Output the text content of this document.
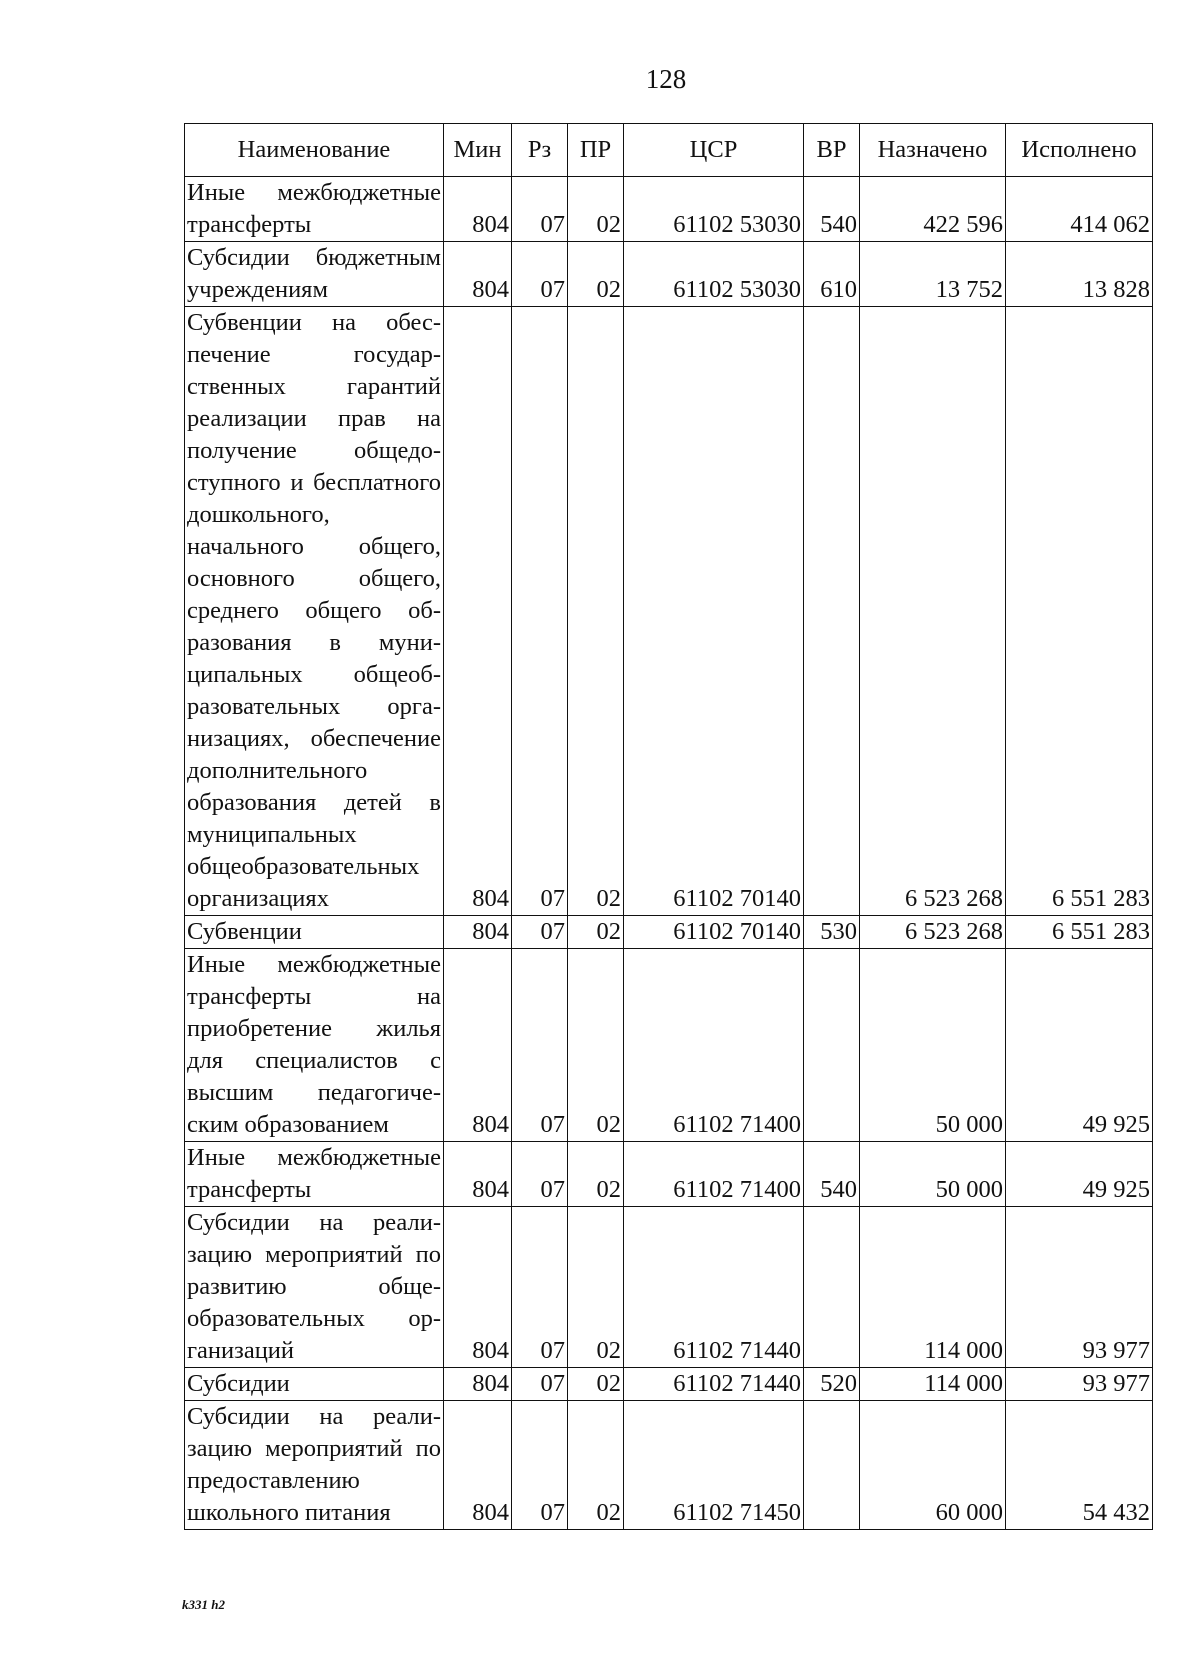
128
Наименование	Мин	Рз	ПР	ЦСР	ВР	Назначено	Исполнено
Иные межбюджетные трансферты	804	07	02	61102 53030	540	422 596	414 062
Субсидии бюджетным учреждениям	804	07	02	61102 53030	610	13 752	13 828
Субвенции на обеспечение государственных гарантий реализации прав на получение общедоступного и бесплатного дошкольного, начального общего, основного общего, среднего общего образования в муниципальных общеобразовательных организациях, обеспечение дополнительного образования детей в муниципальных общеобразовательных организациях	804	07	02	61102 70140		6 523 268	6 551 283
Субвенции	804	07	02	61102 70140	530	6 523 268	6 551 283
Иные межбюджетные трансферты на приобретение жилья для специалистов с высшим педагогическим образованием	804	07	02	61102 71400		50 000	49 925
Иные межбюджетные трансферты	804	07	02	61102 71400	540	50 000	49 925
Субсидии на реализацию мероприятий по развитию общеобразовательных организаций	804	07	02	61102 71440		114 000	93 977
Субсидии	804	07	02	61102 71440	520	114 000	93 977
Субсидии на реализацию мероприятий по предоставлению школьного питания	804	07	02	61102 71450		60 000	54 432
k331 h2
